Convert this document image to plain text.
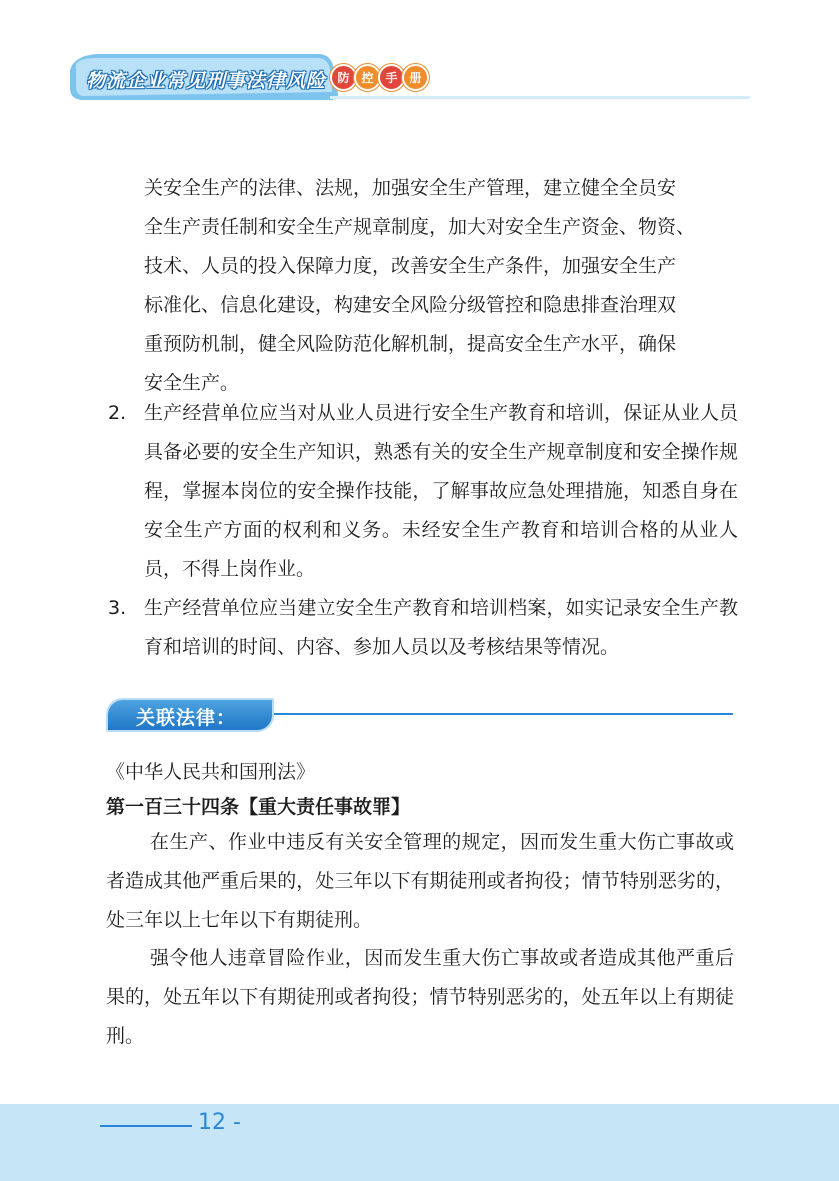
物流企业常见刑事法律风险 防 控 手 册
关安全生产的法律、法规，加强安全生产管理，建立健全全员安
全生产责任制和安全生产规章制度，加大对安全生产资金、物资、
技术、人员的投入保障力度，改善安全生产条件，加强安全生产
标准化、信息化建设，构建安全风险分级管控和隐患排查治理双
重预防机制，健全风险防范化解机制，提高安全生产水平，确保
安全生产。
2. 生产经营单位应当对从业人员进行安全生产教育和培训，保证从业人员具备必要的安全生产知识，熟悉有关的安全生产规章制度和安全操作规程，掌握本岗位的安全操作技能，了解事故应急处理措施，知悉自身在安全生产方面的权利和义务。未经安全生产教育和培训合格的从业人员，不得上岗作业。
3. 生产经营单位应当建立安全生产教育和培训档案，如实记录安全生产教育和培训的时间、内容、参加人员以及考核结果等情况。
关联法律：
《中华人民共和国刑法》
第一百三十四条【重大责任事故罪】
在生产、作业中违反有关安全管理的规定，因而发生重大伤亡事故或者造成其他严重后果的，处三年以下有期徒刑或者拘役；情节特别恶劣的，处三年以上七年以下有期徒刑。
强令他人违章冒险作业，因而发生重大伤亡事故或者造成其他严重后果的，处五年以下有期徒刑或者拘役；情节特别恶劣的，处五年以上有期徒刑。
12 -
